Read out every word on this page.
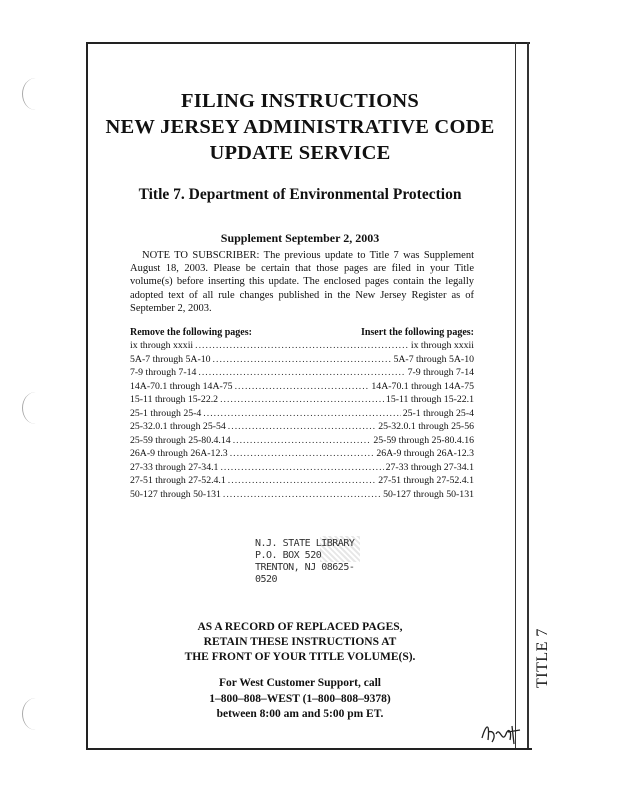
FILING INSTRUCTIONS
NEW JERSEY ADMINISTRATIVE CODE
UPDATE SERVICE
Title 7. Department of Environmental Protection
Supplement September 2, 2003
NOTE TO SUBSCRIBER: The previous update to Title 7 was Supplement August 18, 2003. Please be certain that those pages are filed in your Title volume(s) before inserting this update. The enclosed pages contain the legally adopted text of all rule changes published in the New Jersey Register as of September 2, 2003.
Remove the following pages:	Insert the following pages:
ix through xxxii .....	ix through xxxii
5A-7 through 5A-10 .....	5A-7 through 5A-10
7-9 through 7-14 .....	7-9 through 7-14
14A-70.1 through 14A-75 .....	14A-70.1 through 14A-75
15-11 through 15-22.2 .....	15-11 through 15-22.1
25-1 through 25-4 .....	25-1 through 25-4
25-32.0.1 through 25-54 .....	25-32.0.1 through 25-56
25-59 through 25-80.4.14 .....	25-59 through 25-80.4.16
26A-9 through 26A-12.3 .....	26A-9 through 26A-12.3
27-33 through 27-34.1 .....	27-33 through 27-34.1
27-51 through 27-52.4.1 .....	27-51 through 27-52.4.1
50-127 through 50-131 .....	50-127 through 50-131
N.J. STATE LIBRARY
P.O. BOX 520
TRENTON, NJ 08625-0520
AS A RECORD OF REPLACED PAGES,
RETAIN THESE INSTRUCTIONS AT
THE FRONT OF YOUR TITLE VOLUME(S).
For West Customer Support, call
1–800–808–WEST (1–800–808–9378)
between 8:00 am and 5:00 pm ET.
TITLE 7
